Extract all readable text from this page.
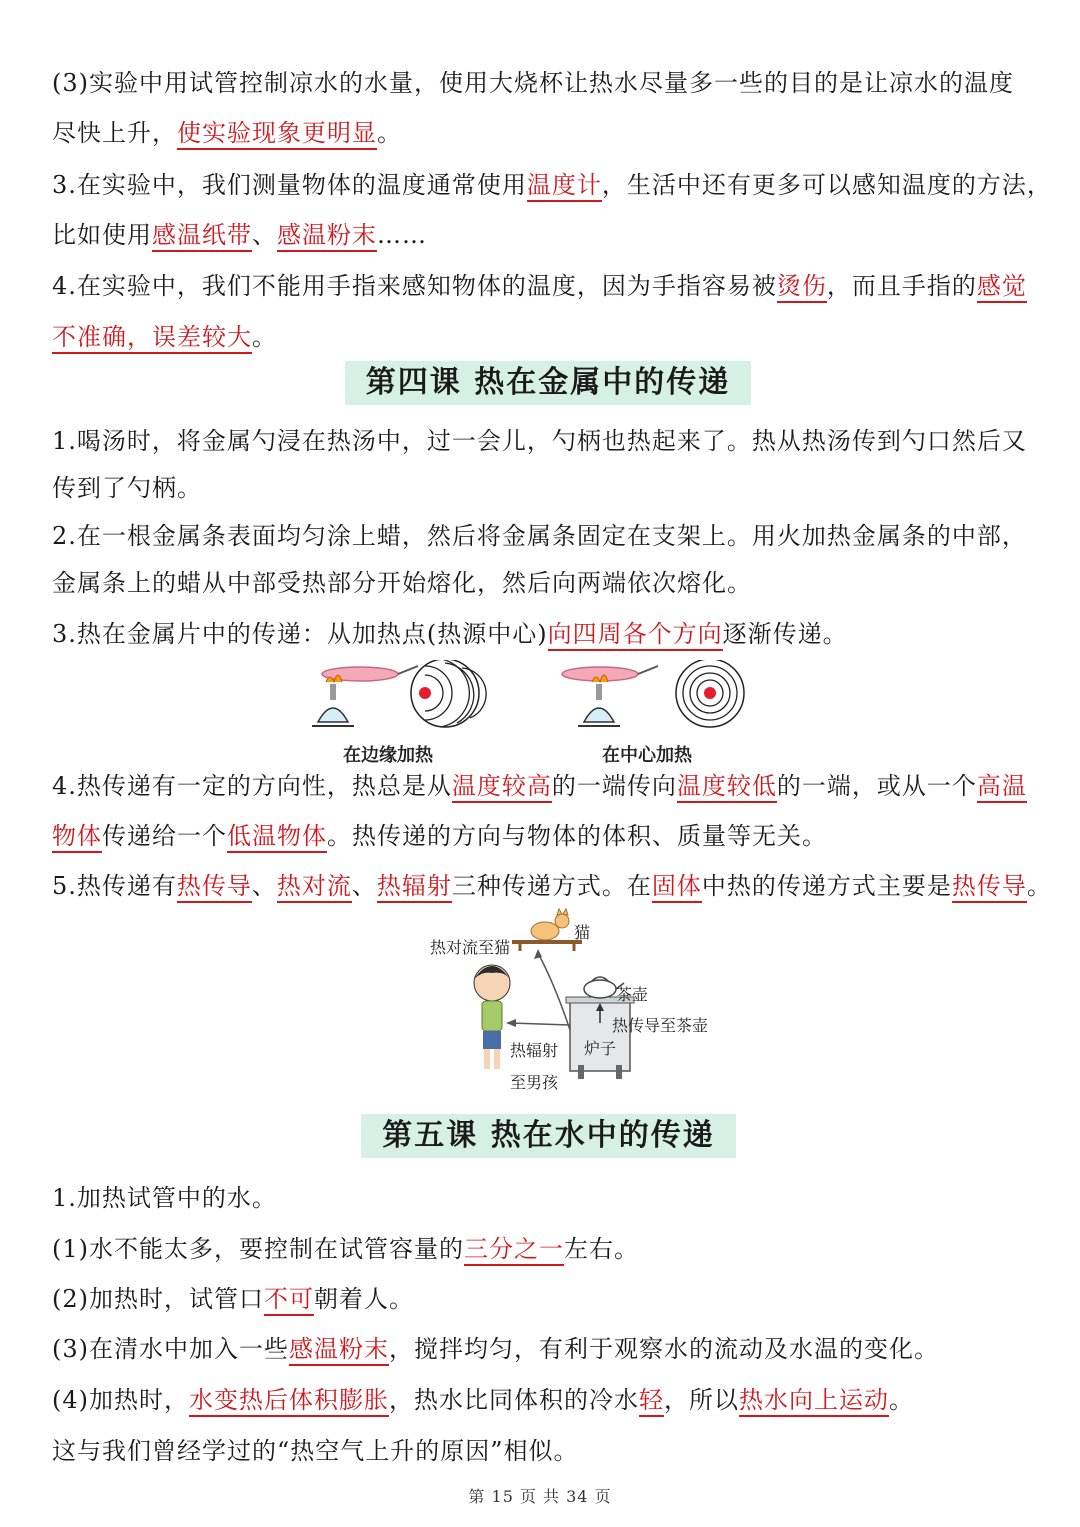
(3)实验中用试管控制凉水的水量，使用大烧杯让热水尽量多一些的目的是让凉水的温度
尽快上升，使实验现象更明显。
3.在实验中，我们测量物体的温度通常使用温度计，生活中还有更多可以感知温度的方法，
比如使用感温纸带、感温粉末……
4.在实验中，我们不能用手指来感知物体的温度，因为手指容易被烫伤，而且手指的感觉
不准确，误差较大。
第四课 热在金属中的传递
1.喝汤时，将金属勺浸在热汤中，过一会儿，勺柄也热起来了。热从热汤传到勺口然后又
传到了勺柄。
2.在一根金属条表面均匀涂上蜡，然后将金属条固定在支架上。用火加热金属条的中部，
金属条上的蜡从中部受热部分开始熔化，然后向两端依次熔化。
3.热在金属片中的传递：从加热点(热源中心)向四周各个方向逐渐传递。
在边缘加热	在中心加热
4.热传递有一定的方向性，热总是从温度较高的一端传向温度较低的一端，或从一个高温
物体传递给一个低温物体。热传递的方向与物体的体积、质量等无关。
5.热传递有热传导、热对流、热辐射三种传递方式。在固体中热的传递方式主要是热传导。
热对流至猫
猫
茶壶
热传导至茶壶
热辐射
至男孩
炉子
第五课 热在水中的传递
1.加热试管中的水。
(1)水不能太多，要控制在试管容量的三分之一左右。
(2)加热时，试管口不可朝着人。
(3)在清水中加入一些感温粉末，搅拌均匀，有利于观察水的流动及水温的变化。
(4)加热时，水变热后体积膨胀，热水比同体积的冷水轻，所以热水向上运动。
这与我们曾经学过的“热空气上升的原因”相似。
第 15 页 共 34 页
